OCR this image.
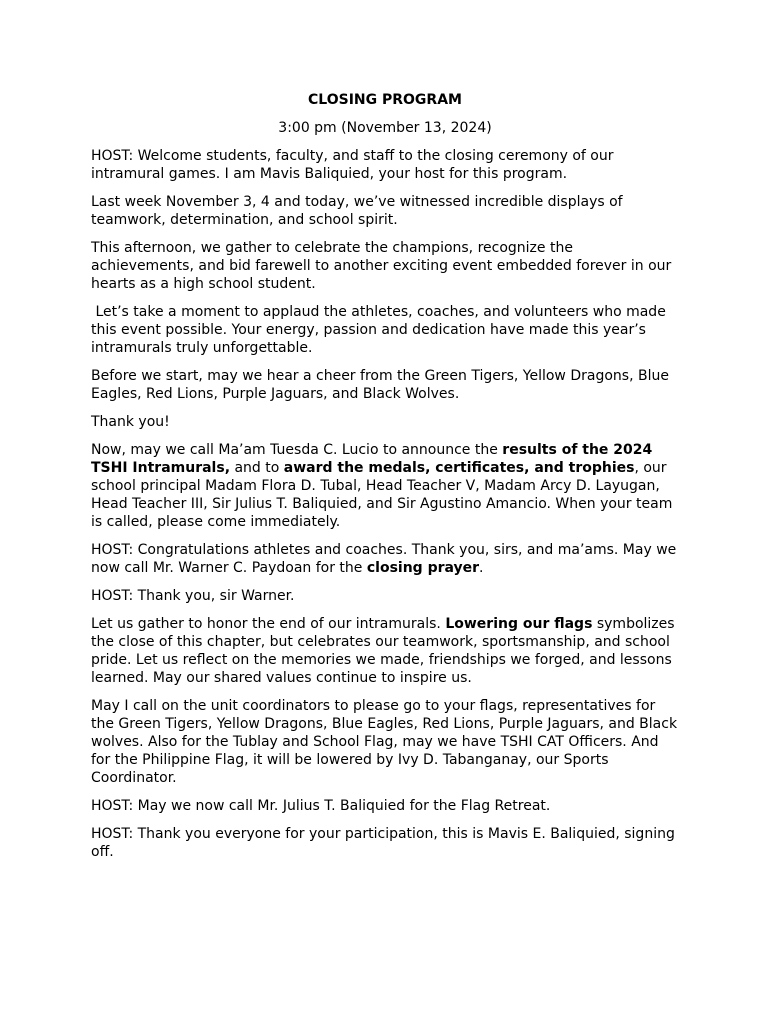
CLOSING PROGRAM
3:00 pm (November 13, 2024)

HOST: Welcome students, faculty, and staff to the closing ceremony of our intramural games. I am Mavis Baliquied, your host for this program.

Last week November 3, 4 and today, we’ve witnessed incredible displays of teamwork, determination, and school spirit.

This afternoon, we gather to celebrate the champions, recognize the achievements, and bid farewell to another exciting event embedded forever in our hearts as a high school student.

Let’s take a moment to applaud the athletes, coaches, and volunteers who made this event possible. Your energy, passion and dedication have made this year’s intramurals truly unforgettable.

Before we start, may we hear a cheer from the Green Tigers, Yellow Dragons, Blue Eagles, Red Lions, Purple Jaguars, and Black Wolves.

Thank you!

Now, may we call Ma’am Tuesda C. Lucio to announce the results of the 2024 TSHI Intramurals, and to award the medals, certificates, and trophies, our school principal Madam Flora D. Tubal, Head Teacher V, Madam Arcy D. Layugan, Head Teacher III, Sir Julius T. Baliquied, and Sir Agustino Amancio. When your team is called, please come immediately.

HOST: Congratulations athletes and coaches. Thank you, sirs, and ma’ams. May we now call Mr. Warner C. Paydoan for the closing prayer.

HOST: Thank you, sir Warner.

Let us gather to honor the end of our intramurals. Lowering our flags symbolizes the close of this chapter, but celebrates our teamwork, sportsmanship, and school pride. Let us reflect on the memories we made, friendships we forged, and lessons learned. May our shared values continue to inspire us.

May I call on the unit coordinators to please go to your flags, representatives for the Green Tigers, Yellow Dragons, Blue Eagles, Red Lions, Purple Jaguars, and Black wolves. Also for the Tublay and School Flag, may we have TSHI CAT Officers. And for the Philippine Flag, it will be lowered by Ivy D. Tabanganay, our Sports Coordinator.

HOST: May we now call Mr. Julius T. Baliquied for the Flag Retreat.

HOST: Thank you everyone for your participation, this is Mavis E. Baliquied, signing off.
